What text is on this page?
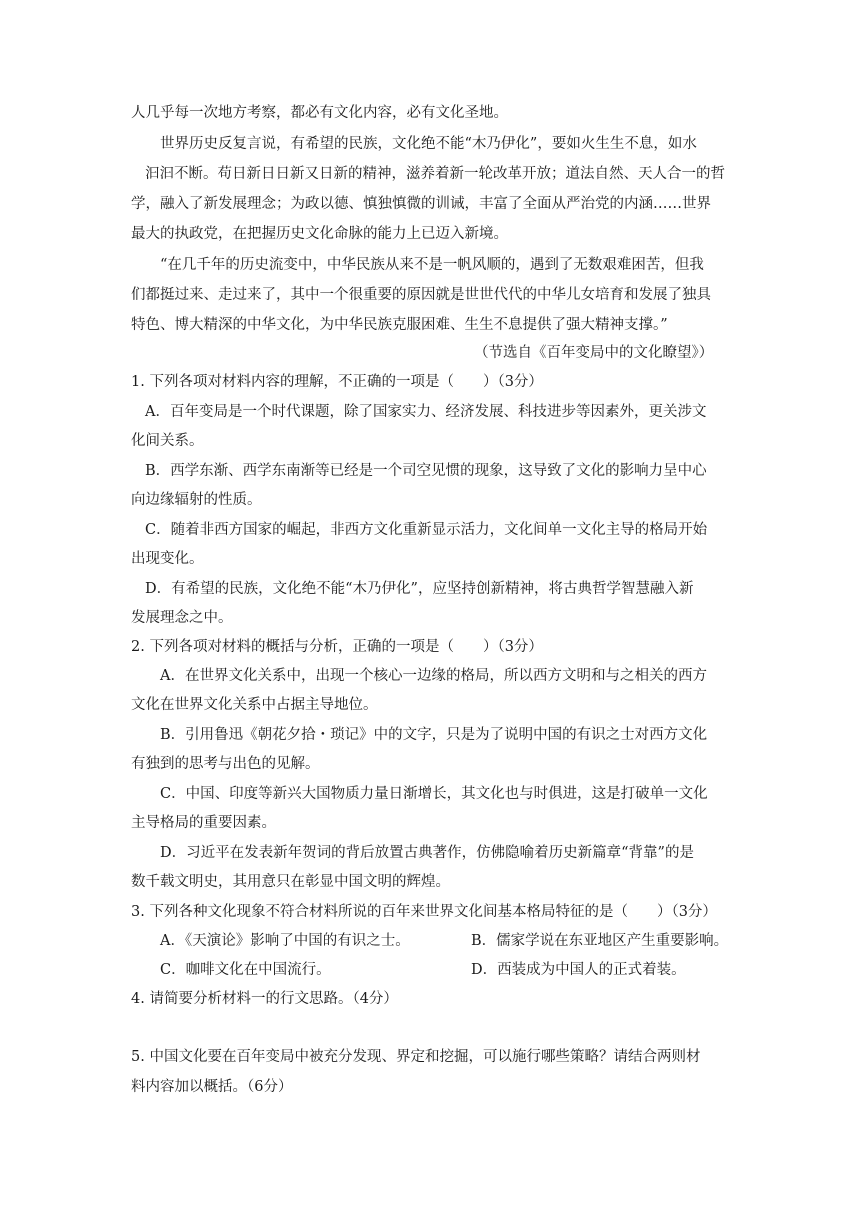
人几乎每一次地方考察，都必有文化内容，必有文化圣地。
世界历史反复言说，有希望的民族，文化绝不能“木乃伊化”，要如火生生不息，如水
汩汩不断。苟日新日日新又日新的精神，滋养着新一轮改革开放；道法自然、天人合一的哲
学，融入了新发展理念；为政以德、慎独慎微的训诫，丰富了全面从严治党的内涵……世界
最大的执政党，在把握历史文化命脉的能力上已迈入新境。
“在几千年的历史流变中，中华民族从来不是一帆风顺的，遇到了无数艰难困苦，但我
们都挺过来、走过来了，其中一个很重要的原因就是世世代代的中华儿女培育和发展了独具
特色、博大精深的中华文化，为中华民族克服困难、生生不息提供了强大精神支撑。”
（节选自《百年变局中的文化瞭望》）
1. 下列各项对材料内容的理解，不正确的一项是（　　）（3分）
A．百年变局是一个时代课题，除了国家实力、经济发展、科技进步等因素外，更关涉文
化间关系。
B．西学东渐、西学东南渐等已经是一个司空见惯的现象，这导致了文化的影响力呈中心
向边缘辐射的性质。
C．随着非西方国家的崛起，非西方文化重新显示活力，文化间单一文化主导的格局开始
出现变化。
D．有希望的民族，文化绝不能“木乃伊化”，应坚持创新精神，将古典哲学智慧融入新
发展理念之中。
2. 下列各项对材料的概括与分析，正确的一项是（　　）（3分）
A．在世界文化关系中，出现一个核心一边缘的格局，所以西方文明和与之相关的西方
文化在世界文化关系中占据主导地位。
B．引用鲁迅《朝花夕拾・琐记》中的文字，只是为了说明中国的有识之士对西方文化
有独到的思考与出色的见解。
C．中国、印度等新兴大国物质力量日渐增长，其文化也与时俱进，这是打破单一文化
主导格局的重要因素。
D．习近平在发表新年贺词的背后放置古典著作，仿佛隐喻着历史新篇章“背靠”的是
数千载文明史，其用意只在彰显中国文明的辉煌。
3. 下列各种文化现象不符合材料所说的百年来世界文化间基本格局特征的是（　　）（3分）
A．《天演论》影响了中国的有识之士。	B．儒家学说在东亚地区产生重要影响。
C．咖啡文化在中国流行。	D．西装成为中国人的正式着装。
4. 请简要分析材料一的行文思路。（4分）
5. 中国文化要在百年变局中被充分发现、界定和挖掘，可以施行哪些策略？请结合两则材
料内容加以概括。（6分）
